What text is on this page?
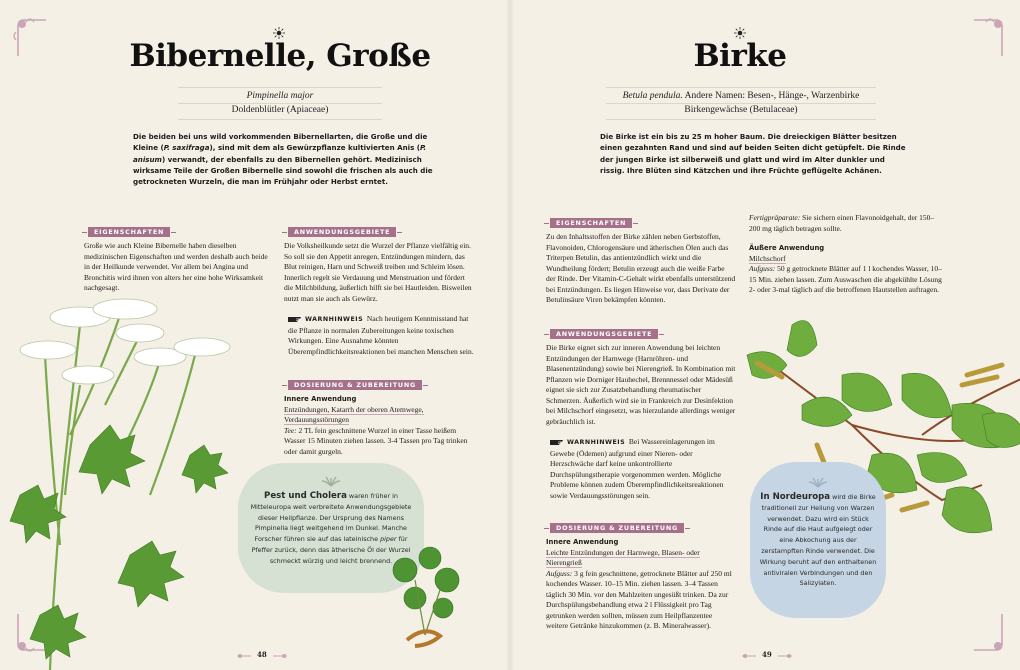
Bibernelle, Große
Pimpinella major
Doldenblütler (Apiaceae)
Die beiden bei uns wild vorkommenden Bibernellarten, die Große und die Kleine (P. saxifraga), sind mit dem als Gewürzpflanze kultivierten Anis (P. anisum) verwandt, der ebenfalls zu den Bibernellen gehört. Medizinisch wirksame Teile der Großen Bibernelle sind sowohl die frischen als auch die getrockneten Wurzeln, die man im Frühjahr oder Herbst erntet.
EIGENSCHAFTEN
Große wie auch Kleine Bibernelle haben dieselben medizinischen Eigenschaften und werden deshalb auch beide in der Heilkunde verwendet. Vor allem bei Angina und Bronchitis wird ihnen von alters her eine hohe Wirksamkeit nachgesagt.
ANWENDUNGSGEBIETE
Die Volksheilkunde setzt die Wurzel der Pflanze vielfältig ein. So soll sie den Appetit anregen, Entzündungen mindern, das Blut reinigen, Harn und Schweiß treiben und Schleim lösen. Innerlich regelt sie Verdauung und Menstruation und fördert die Milchbildung, äußerlich hilft sie bei Hautleiden. Bisweilen nutzt man sie auch als Gewürz.
WARNHINWEIS Nach heutigem Kenntnisstand hat die Pflanze in normalen Zubereitungen keine toxischen Wirkungen. Eine Ausnahme könnten Überempfindlichkeitsreaktionen bei manchen Menschen sein.
DOSIERUNG & ZUBEREITUNG
Innere Anwendung
Entzündungen, Katarrh der oberen Atemwege, Verdauungsstörungen
Tee: 2 TL fein geschnittene Wurzel in einer Tasse heißem Wasser 15 Minuten ziehen lassen. 3-4 Tassen pro Tag trinken oder damit gurgeln.
Pest und Cholera waren früher in Mitteleuropa weit verbreitete Anwendungsgebiete dieser Heilpflanze. Der Ursprung des Namens Pimpinella liegt weitgehend im Dunkel. Manche Forscher führen sie auf das lateinische piper für Pfeffer zurück, denn das ätherische Öl der Wurzel schmeckt würzig und leicht brennend.
48
Birke
Betula pendula. Andere Namen: Besen-, Hänge-, Warzenbirke
Birkengewächse (Betulaceae)
Die Birke ist ein bis zu 25 m hoher Baum. Die dreieckigen Blätter besitzen einen gezahnten Rand und sind auf beiden Seiten dicht getüpfelt. Die Rinde der jungen Birke ist silberweiß und glatt und wird im Alter dunkler und rissig. Ihre Blüten sind Kätzchen und ihre Früchte geflügelte Achänen.
EIGENSCHAFTEN
Zu den Inhaltsstoffen der Birke zählen neben Gerbstoffen, Flavonoiden, Chlorogensäure und ätherischen Ölen auch das Triterpen Betulin, das antientzündlich wirkt und die Wundheilung fördert; Betulin erzeugt auch die weiße Farbe der Rinde. Der Vitamin-C-Gehalt wirkt ebenfalls unterstützend bei Entzündungen. Es liegen Hinweise vor, dass Derivate der Betulinsäure Viren bekämpfen könnten.
ANWENDUNGSGEBIETE
Die Birke eignet sich zur inneren Anwendung bei leichten Entzündungen der Harnwege (Harnröhren- und Blasenentzündung) sowie bei Nierengrieß. In Kombination mit Pflanzen wie Dorniger Hauhechel, Brennnessel oder Mädesüß eignet sie sich zur Zusatzbehandlung rheumatischer Schmerzen. Äußerlich wird sie in Frankreich zur Desinfektion bei Milchschorf eingesetzt, was hierzulande allerdings weniger gebräuchlich ist.
WARNHINWEIS Bei Wassereinlagerungen im Gewebe (Ödemen) aufgrund einer Nieren- oder Herzschwäche darf keine unkontrollierte Durchspülungstherapie vorgenommen werden. Mögliche Probleme können zudem Überempfindlichkeitsreaktionen sowie Verdauungsstörungen sein.
DOSIERUNG & ZUBEREITUNG
Innere Anwendung
Leichte Entzündungen der Harnwege, Blasen- oder Nierengrieß
Aufguss: 3 g fein geschnittene, getrocknete Blätter auf 250 ml kochendes Wasser. 10–15 Min. ziehen lassen. 3–4 Tassen täglich 30 Min. vor den Mahlzeiten ungesüßt trinken. Da zur Durchspülungsbehandlung etwa 2 l Flüssigkeit pro Tag getrunken werden sollten, müssen zum Heilpflanzentee weitere Getränke hinzukommen (z. B. Mineralwasser).
Fertigpräparate: Sie sichern einen Flavonoidgehalt, der 150–200 mg täglich betragen sollte.
Äußere Anwendung
Milchschorf
Aufguss: 50 g getrocknete Blätter auf 1 l kochendes Wasser, 10–15 Min. ziehen lassen. Zum Auswaschen die abgekühlte Lösung 2- oder 3-mal täglich auf die betroffenen Hautstellen auftragen.
In Nordeuropa wird die Birke traditionell zur Heilung von Warzen verwendet. Dazu wird ein Stück Rinde auf die Haut aufgelegt oder eine Abkochung aus der zerstampften Rinde verwendet. Die Wirkung beruht auf den enthaltenen antiviralen Verbindungen und den Salizylaten.
49
